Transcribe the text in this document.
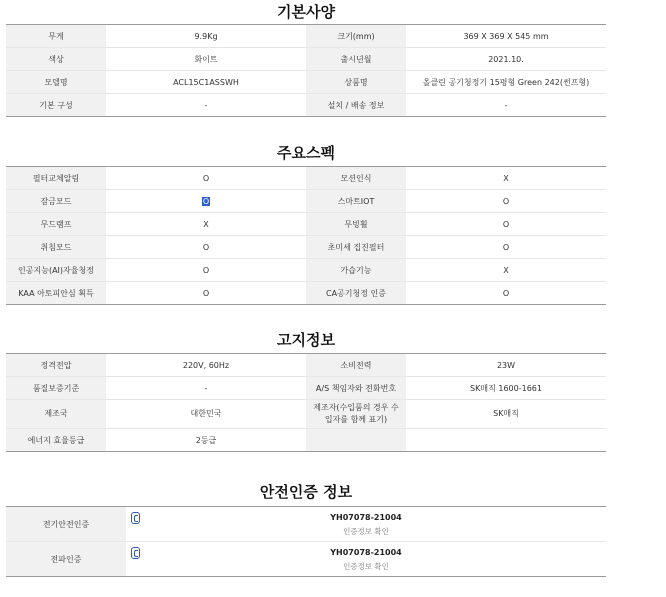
기본사양
무게	9.9Kg	크기(mm)	369 X 369 X 545 mm
색상	화이트	출시년월	2021.10.
모델명	ACL15C1ASSWH	상품명	올클린 공기청정기 15평형 Green 242(썬프형)
기본 구성	-	설치 / 배송 정보	-
주요스펙
필터교체알림	O	모션인식	X
잠금모드	O	스마트IOT	O
무드램프	X	무빙휠	O
취침모드	O	초미세 집진필터	O
인공지능(AI)자율청정	O	가습기능	X
KAA 아토피안심 획득	O	CA공기청정 인증	O
고지정보
정격전압	220V, 60Hz	소비전력	23W
품질보증기준	-	A/S 책임자와 전화번호	SK매직 1600-1661
제조국	대한민국	제조자(수입품의 경우 수입자를 함께 표기)	SK매직
에너지 효율등급	2등급		
안전인증 정보
전기안전인증	YH07078-21004
인증정보 확인

전파인증	YH07078-21004
인증정보 확인
